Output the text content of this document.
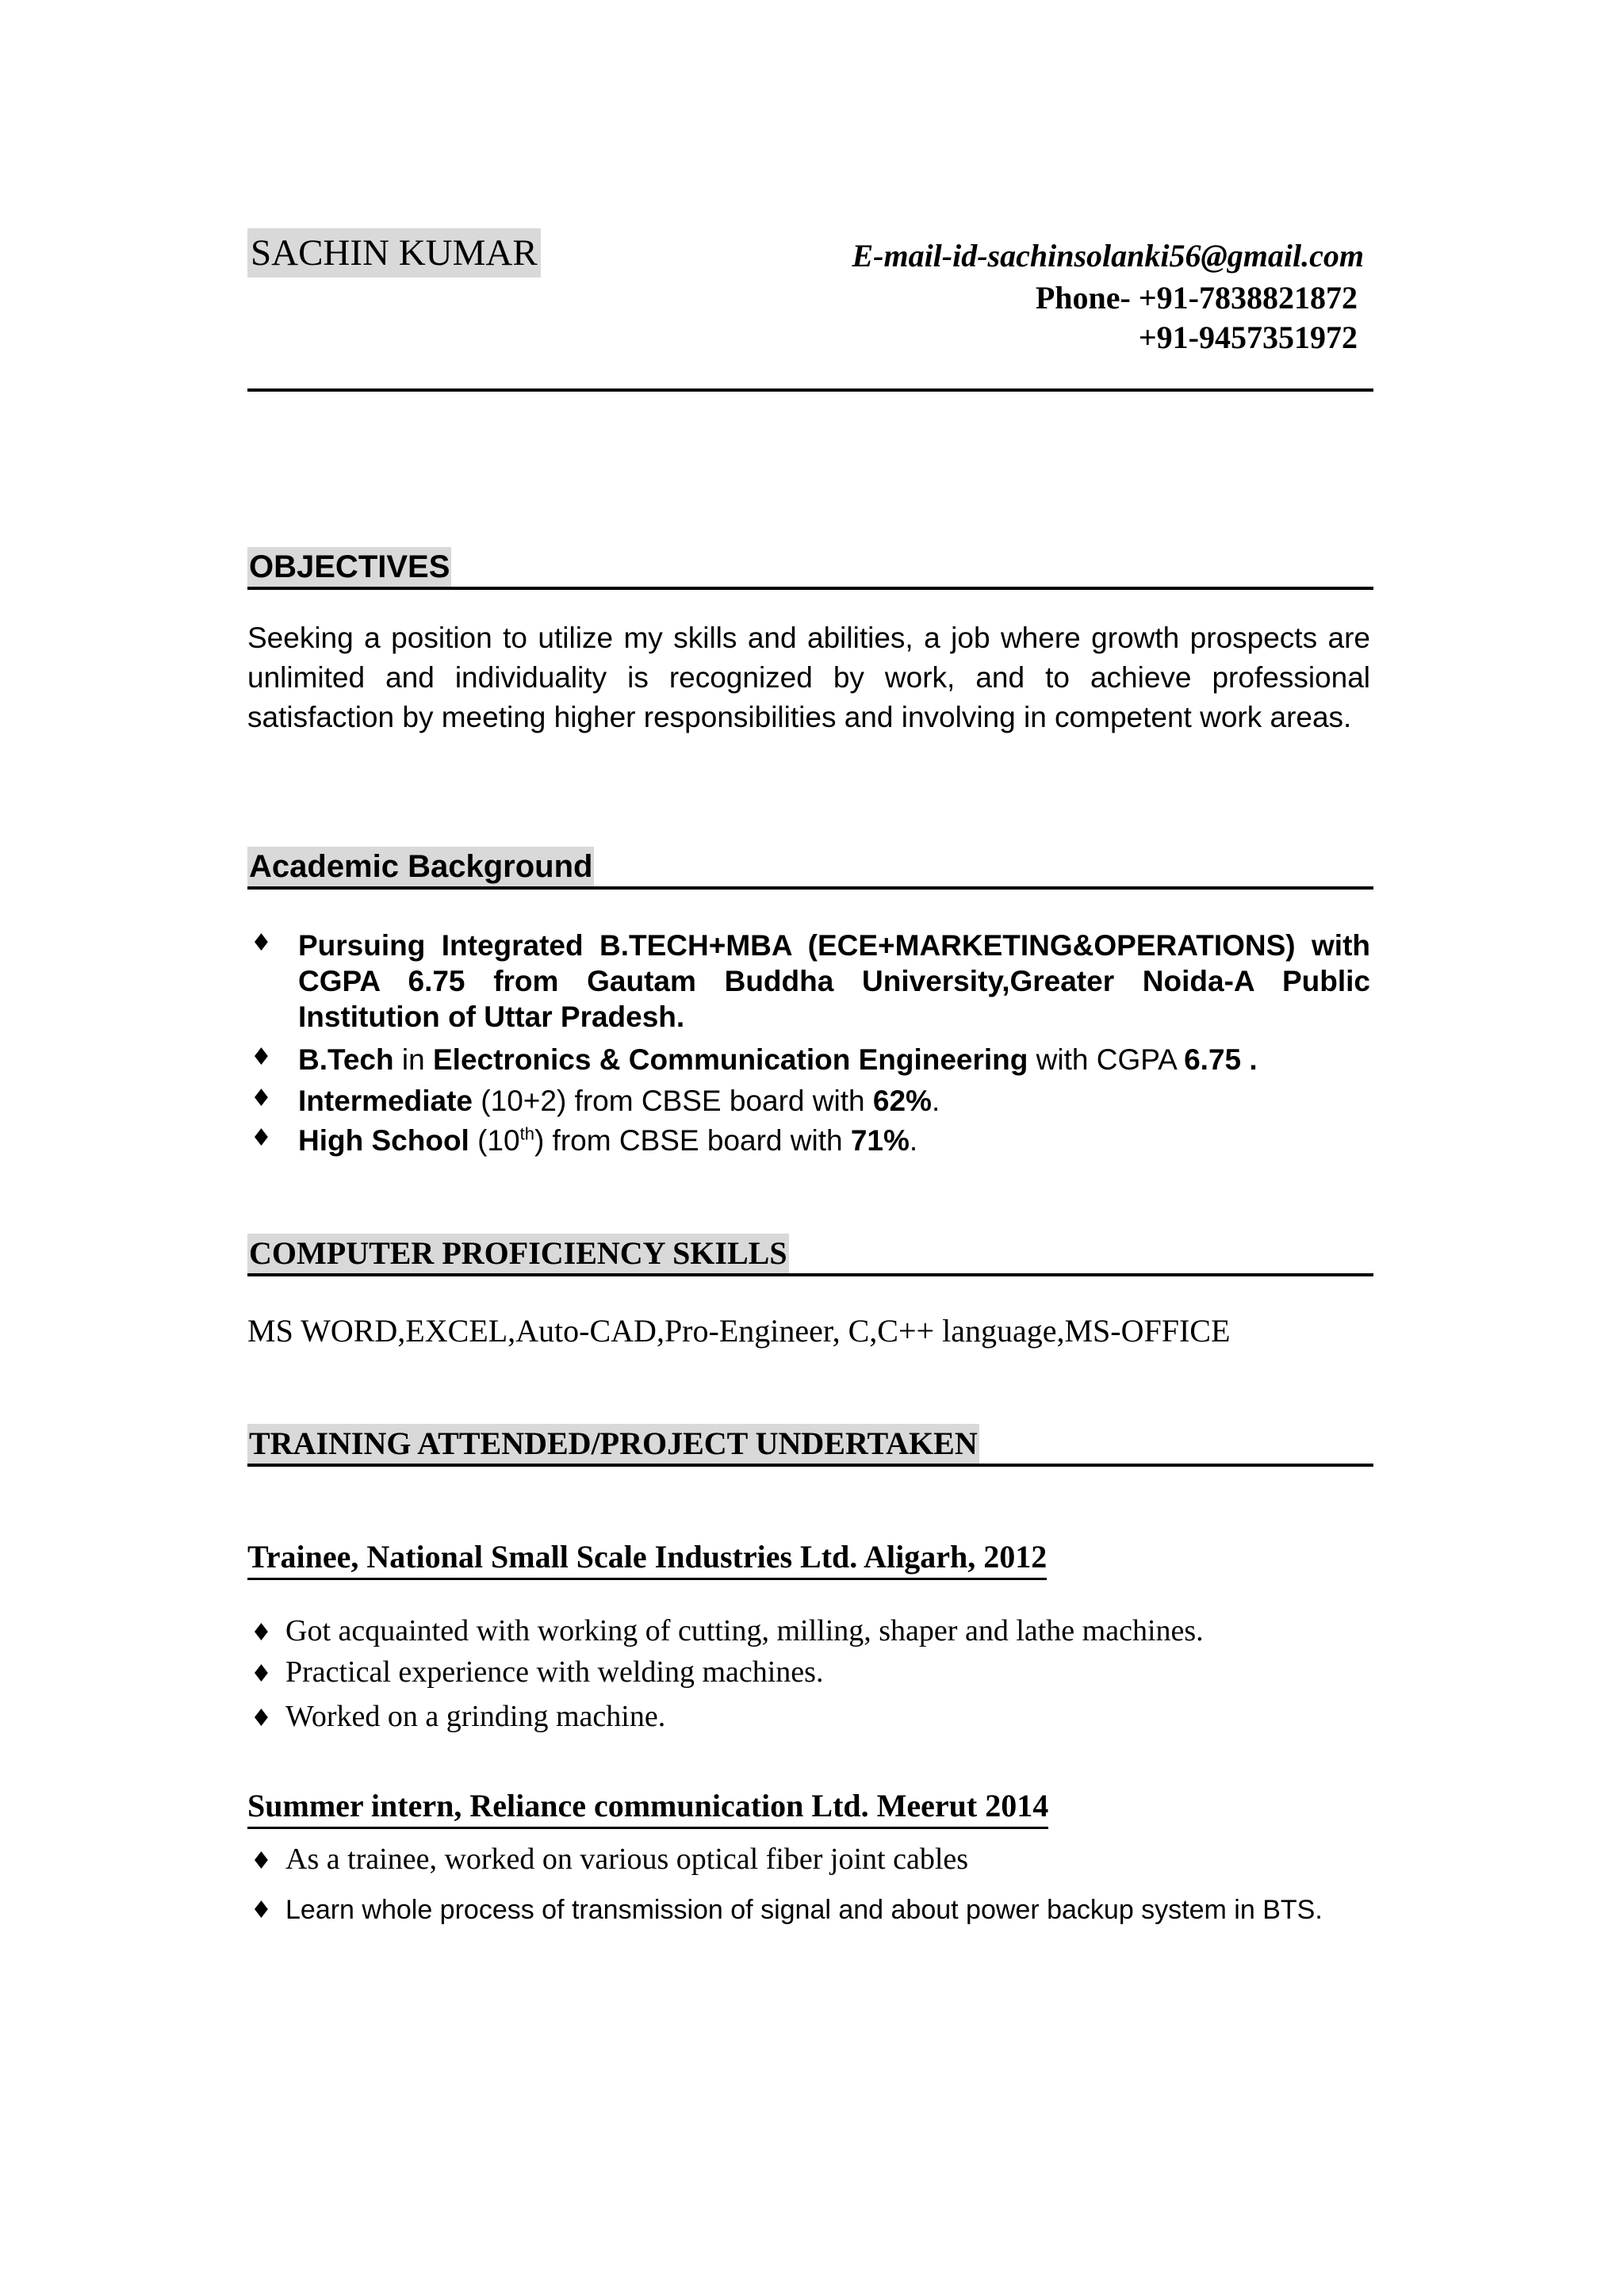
SACHIN KUMAR	E-mail-id-sachinsolanki56@gmail.com
Phone- +91-7838821872
+91-9457351972
OBJECTIVES
Seeking a position to utilize my skills and abilities, a job where growth prospects are unlimited and individuality is recognized by work, and to achieve professional satisfaction by meeting higher responsibilities and involving in competent work areas.
Academic Background
♦ Pursuing Integrated B.TECH+MBA (ECE+MARKETING&OPERATIONS) with CGPA 6.75 from Gautam Buddha University,Greater Noida-A Public Institution of Uttar Pradesh.
♦ B.Tech in Electronics & Communication Engineering with CGPA 6.75 .
♦ Intermediate (10+2) from CBSE board with 62%.
♦ High School (10th) from CBSE board with 71%.
COMPUTER PROFICIENCY SKILLS
MS WORD,EXCEL,Auto-CAD,Pro-Engineer, C,C++ language,MS-OFFICE
TRAINING ATTENDED/PROJECT UNDERTAKEN
Trainee, National Small Scale Industries Ltd. Aligarh, 2012
♦ Got acquainted with working of cutting, milling, shaper and lathe machines.
♦ Practical experience with welding machines.
♦ Worked on a grinding machine.
Summer intern, Reliance communication Ltd. Meerut 2014
♦ As a trainee, worked on various optical fiber joint cables
♦ Learn whole process of transmission of signal and about power backup system in BTS.
